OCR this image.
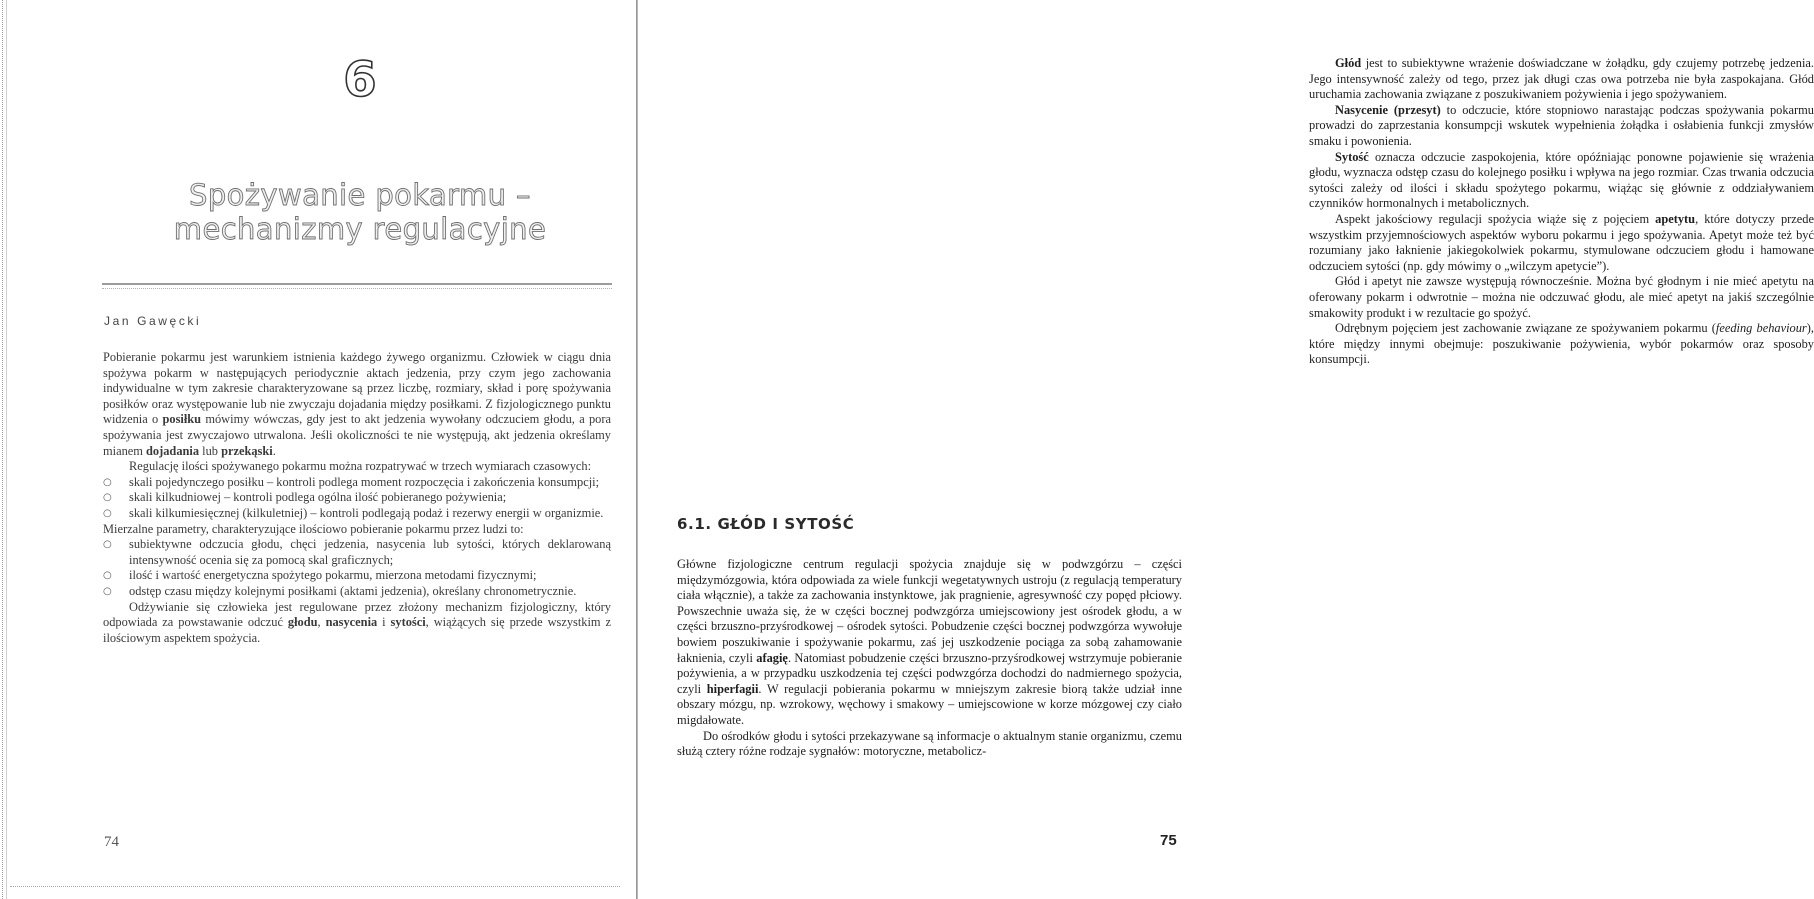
6
Spożywanie pokarmu –
mechanizmy regulacyjne
Jan Gawęcki

Pobieranie pokarmu jest warunkiem istnienia każdego żywego organizmu. Człowiek w ciągu dnia spożywa pokarm w następujących periodycznie aktach jedzenia, przy czym jego zachowania indywidualne w tym zakresie charakteryzowane są przez liczbę, rozmiary, skład i porę spożywania posiłków oraz występowanie lub nie zwyczaju dojadania między posiłkami. Z fizjologicznego punktu widzenia o posiłku mówimy wówczas, gdy jest to akt jedzenia wywołany odczuciem głodu, a pora spożywania jest zwyczajowo utrwalona. Jeśli okoliczności te nie występują, akt jedzenia określamy mianem dojadania lub przekąski.

Regulację ilości spożywanego pokarmu można rozpatrywać w trzech wymiarach czasowych:

○ skali pojedynczego posiłku – kontroli podlega moment rozpoczęcia i zakończenia konsumpcji;
○ skali kilkudniowej – kontroli podlega ogólna ilość pobieranego pożywienia;
○ skali kilkumiesięcznej (kilkuletniej) – kontroli podlegają podaż i rezerwy energii w organizmie.

Mierzalne parametry, charakteryzujące ilościowo pobieranie pokarmu przez ludzi to:

○ subiektywne odczucia głodu, chęci jedzenia, nasycenia lub sytości, których deklarowaną intensywność ocenia się za pomocą skal graficznych;
○ ilość i wartość energetyczna spożytego pokarmu, mierzona metodami fizycznymi;
○ odstęp czasu między kolejnymi posiłkami (aktami jedzenia), określany chronometrycznie.

Odżywianie się człowieka jest regulowane przez złożony mechanizm fizjologiczny, który odpowiada za powstawanie odczuć głodu, nasycenia i sytości, wiążących się przede wszystkim z ilościowym aspektem spożycia.

74

Głód jest to subiektywne wrażenie doświadczane w żołądku, gdy czujemy potrzebę jedzenia. Jego intensywność zależy od tego, przez jak długi czas owa potrzeba nie była zaspokajana. Głód uruchamia zachowania związane z poszukiwaniem pożywienia i jego spożywaniem.

Nasycenie (przesyt) to odczucie, które stopniowo narastając podczas spożywania pokarmu prowadzi do zaprzestania konsumpcji wskutek wypełnienia żołądka i osłabienia funkcji zmysłów smaku i powonienia.

Sytość oznacza odczucie zaspokojenia, które opóźniając ponowne pojawienie się wrażenia głodu, wyznacza odstęp czasu do kolejnego posiłku i wpływa na jego rozmiar. Czas trwania odczucia sytości zależy od ilości i składu spożytego pokarmu, wiążąc się głównie z oddziaływaniem czynników hormonalnych i metabolicznych.

Aspekt jakościowy regulacji spożycia wiąże się z pojęciem apetytu, które dotyczy przede wszystkim przyjemnościowych aspektów wyboru pokarmu i jego spożywania. Apetyt może też być rozumiany jako łaknienie jakiegokolwiek pokarmu, stymulowane odczuciem głodu i hamowane odczuciem sytości (np. gdy mówimy o „wilczym apetycie”).

Głód i apetyt nie zawsze występują równocześnie. Można być głodnym i nie mieć apetytu na oferowany pokarm i odwrotnie – można nie odczuwać głodu, ale mieć apetyt na jakiś szczególnie smakowity produkt i w rezultacie go spożyć.

Odrębnym pojęciem jest zachowanie związane ze spożywaniem pokarmu (feeding behaviour), które między innymi obejmuje: poszukiwanie pożywienia, wybór pokarmów oraz sposoby konsumpcji.

6.1. GŁÓD I SYTOŚĆ

Główne fizjologiczne centrum regulacji spożycia znajduje się w podwzgórzu – części międzymózgowia, która odpowiada za wiele funkcji wegetatywnych ustroju (z regulacją temperatury ciała włącznie), a także za zachowania instynktowe, jak pragnienie, agresywność czy popęd płciowy. Powszechnie uważa się, że w części bocznej podwzgórza umiejscowiony jest ośrodek głodu, a w części brzuszno-przyśrodkowej – ośrodek sytości. Pobudzenie części bocznej podwzgórza wywołuje bowiem poszukiwanie i spożywanie pokarmu, zaś jej uszkodzenie pociąga za sobą zahamowanie łaknienia, czyli afagię. Natomiast pobudzenie części brzuszno-przyśrodkowej wstrzymuje pobieranie pożywienia, a w przypadku uszkodzenia tej części podwzgórza dochodzi do nadmiernego spożycia, czyli hiperfagii. W regulacji pobierania pokarmu w mniejszym zakresie biorą także udział inne obszary mózgu, np. wzrokowy, węchowy i smakowy – umiejscowione w korze mózgowej czy ciało migdałowate.

Do ośrodków głodu i sytości przekazywane są informacje o aktualnym stanie organizmu, czemu służą cztery różne rodzaje sygnałów: motoryczne, metabolicz-

75
